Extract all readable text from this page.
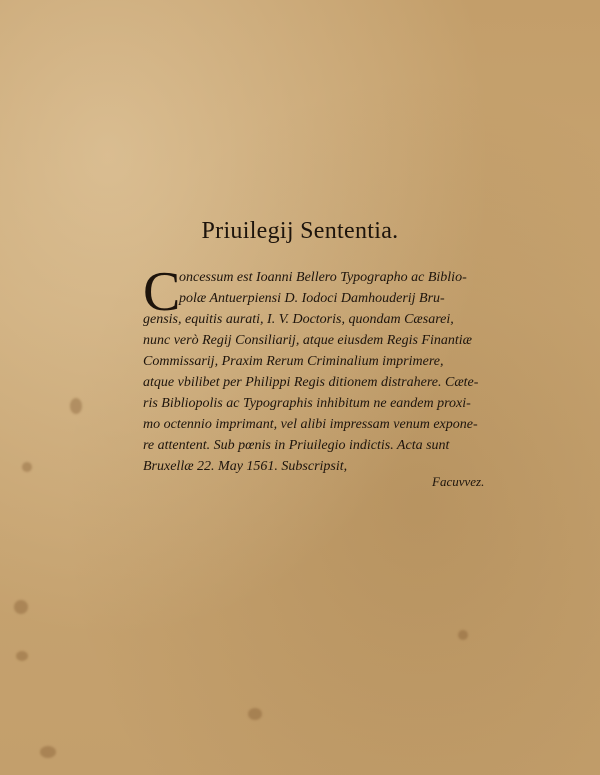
C
Priuilegij Sententia.
oncessum est Ioanni Bellero Typographo ac Biblio-
polæ Antuerpiensi D. Iodoci Damhouderij Bru-
gensis, equitis aurati, I. V. Doctoris, quondam Cæsarei,
nunc verò Regij Consiliarij, atque eiusdem Regis Finantiæ
Commissarij, Praxim Rerum Criminalium imprimere,
atque vbilibet per Philippi Regis ditionem distrahere. Cæte-
ris Bibliopolis ac Typographis inhibitum ne eandem proxi-
mo octennio imprimant, vel alibi impressam venum expone-
re attentent. Sub pœnis in Priuilegio indictis. Acta sunt
Bruxellæ 22. May 1561. Subscripsit,
Facuvvez.
